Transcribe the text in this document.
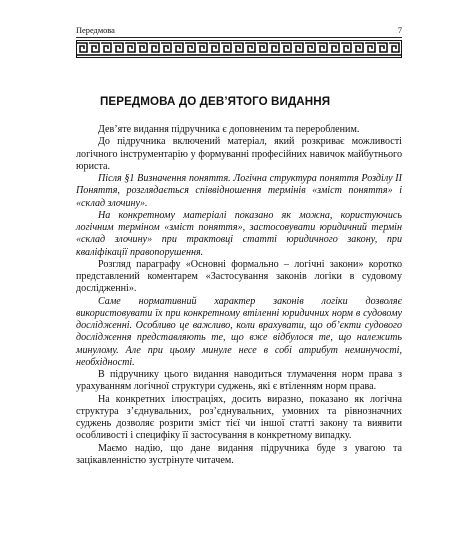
Передмова	7
ПЕРЕДМОВА ДО ДЕВ’ЯТОГО ВИДАННЯ

Дев’яте видання підручника є доповненим та переробленим.

До підручника включений матеріал, який розкриває можливості логічного інструментарію у формуванні професійних навичок майбутнього юриста.

Після §1 Визначення поняття. Логічна структура поняття Розділу ІІ Поняття, розглядається співвідношення термінів «зміст поняття» і «склад злочину».

На конкретному матеріалі показано як можна, користуючись логічним терміном «зміст поняття», застосовувати юридичний термін «склад злочину» при трактовці статті юридичного закону, при кваліфікації правопорушення.

Розгляд параграфу «Основні формально – логічні закони» коротко представлений коментарем «Застосування законів логіки в судовому дослідженні».

Саме нормативний характер законів логіки дозволяє використовувати їх при конкретному втіленні юридичних норм в судовому дослідженні. Особливо це важливо, коли врахувати, що об’єкти судового дослідження представляють те, що вже відбулося те, що належить минулому. Але при цьому минуле несе в собі атрибут неминучості, необхідності.

В підручнику цього видання наводиться тлумачення норм права з урахуванням логічної структури суджень, які є втіленням норм права.

На конкретних ілюстраціях, досить виразно, показано як логічна структура з’єднувальних, роз’єднувальних, умовних та рівнозначних суджень дозволяє розрити зміст тієї чи іншої статті закону та виявити особливості і специфіку її застосування в конкретному випадку.

Маємо надію, що дане видання підручника буде з увагою та зацікавленністю зустрінуте читачем.
